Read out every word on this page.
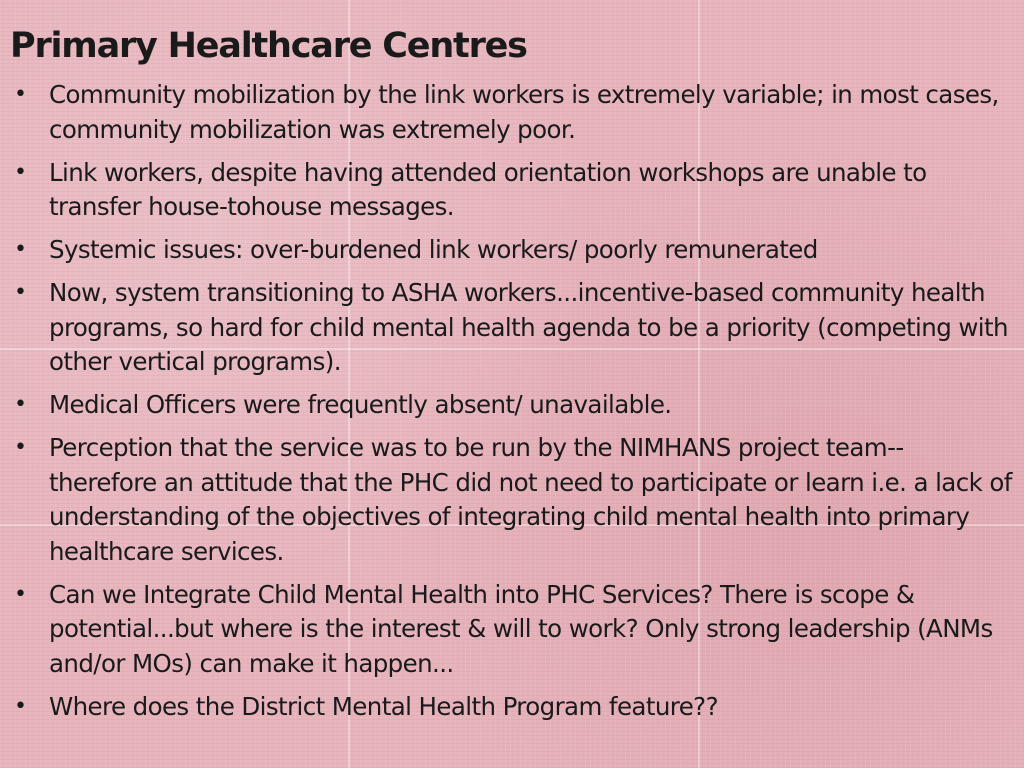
Primary Healthcare Centres
• Community mobilization by the link workers is extremely variable; in most cases, community mobilization was extremely poor.
• Link workers, despite having attended orientation workshops are unable to transfer house-tohouse messages.
• Systemic issues: over-burdened link workers/ poorly remunerated
• Now, system transitioning to ASHA workers...incentive-based community health programs, so hard for child mental health agenda to be a priority (competing with other vertical programs).
• Medical Officers were frequently absent/ unavailable.
• Perception that the service was to be run by the NIMHANS project team-- therefore an attitude that the PHC did not need to participate or learn i.e. a lack of understanding of the objectives of integrating child mental health into primary healthcare services.
• Can we Integrate Child Mental Health into PHC Services? There is scope & potential...but where is the interest & will to work? Only strong leadership (ANMs and/or MOs) can make it happen...
• Where does the District Mental Health Program feature??
